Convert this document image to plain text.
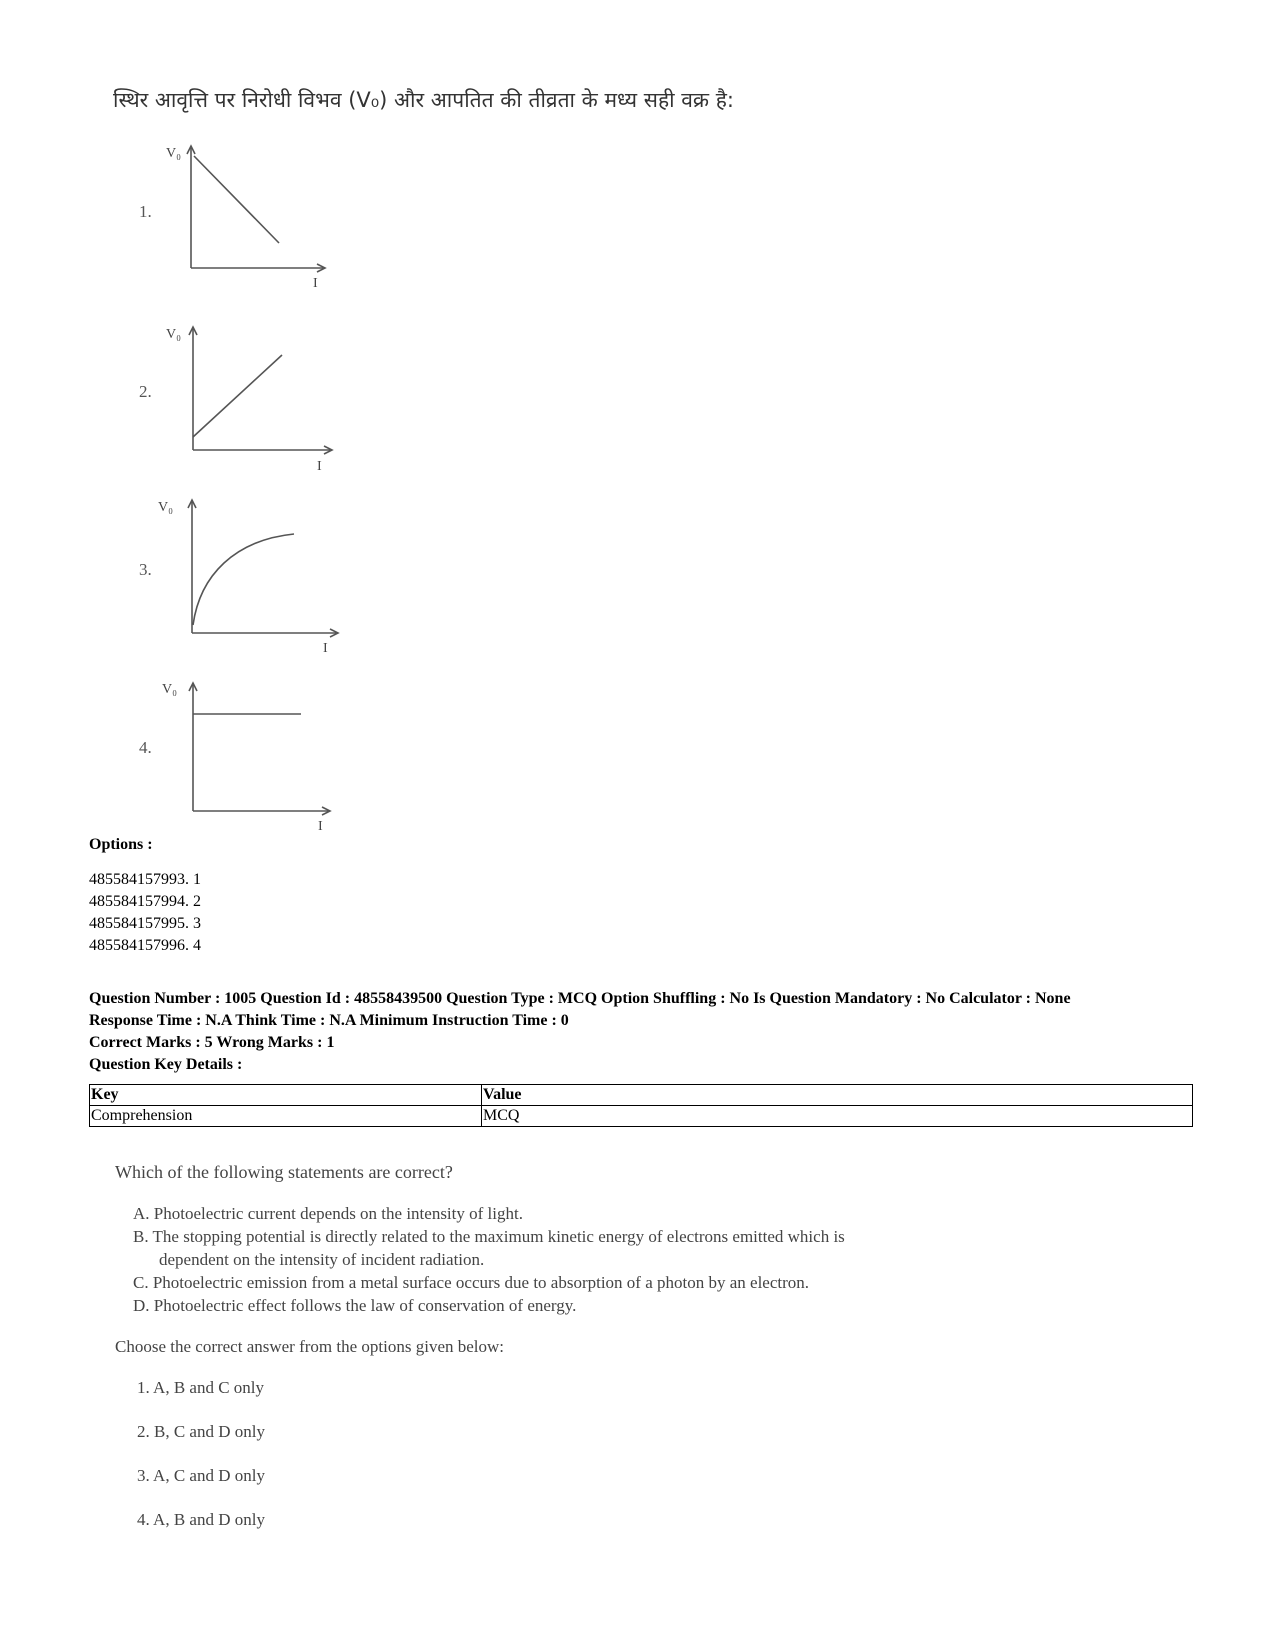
स्थिर आवृत्ति पर निरोधी विभव (V₀) और आपतित की तीव्रता के मध्य सही वक्र है:
V₀
I
V₀
I
V₀
I
V₀
I
1.
2.
3.
4.
Options :
485584157993. 1
485584157994. 2
485584157995. 3
485584157996. 4
Question Number : 1005 Question Id : 48558439500 Question Type : MCQ Option Shuffling : No Is Question Mandatory : No Calculator : None
Response Time : N.A Think Time : N.A Minimum Instruction Time : 0
Correct Marks : 5 Wrong Marks : 1
Question Key Details :
Key	Value
Comprehension	MCQ
Which of the following statements are correct?
A. Photoelectric current depends on the intensity of light.
B. The stopping potential is directly related to the maximum kinetic energy of electrons emitted which is
dependent on the intensity of incident radiation.
C. Photoelectric emission from a metal surface occurs due to absorption of a photon by an electron.
D. Photoelectric effect follows the law of conservation of energy.
Choose the correct answer from the options given below:
1. A, B and C only
2. B, C and D only
3. A, C and D only
4. A, B and D only
